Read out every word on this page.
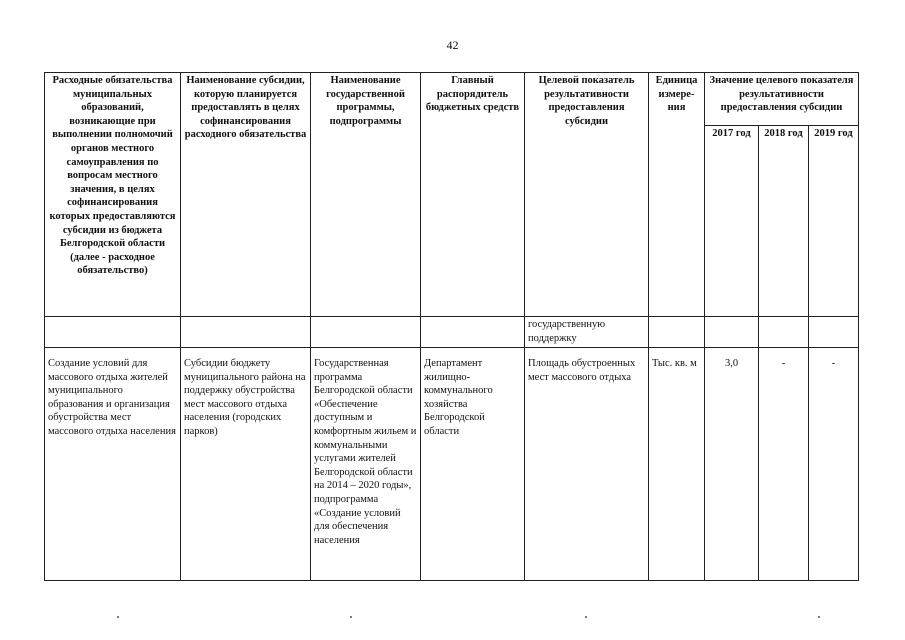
42
Расходные обязательства муниципальных образований, возникающие при выполнении полномочий органов местного самоуправления по вопросам местного значения, в целях софинансирования которых предоставляются субсидии из бюджета Белгородской области (далее - расходное обязательство)	Наименование субсидии, которую планируется предоставлять в целях софинансирования расходного обязательства	Наименование государственной программы, подпрограммы	Главный распорядитель бюджетных средств	Целевой показатель результативности предоставления субсидии	Единица измере-ния	Значение целевого показателя результативности предоставления субсидии		
						2017 год	2018 год	2019 год
				государственную поддержку				

Создание условий для массового отдыха жителей муниципального образования и организация обустройства мест массового отдыха населения	Субсидии бюджету муниципального района на поддержку обустройства мест массового отдыха населения (городских парков)	Государственная программа Белгородской области «Обеспечение доступным и комфортным жильем и коммунальными услугами жителей Белгородской области на 2014 – 2020 годы», подпрограмма «Создание условий для обеспечения населения	Департамент жилищно-коммунального хозяйства Белгородской области	Площадь обустроенных мест массового отдыха	Тыс. кв. м	3,0	-	-
